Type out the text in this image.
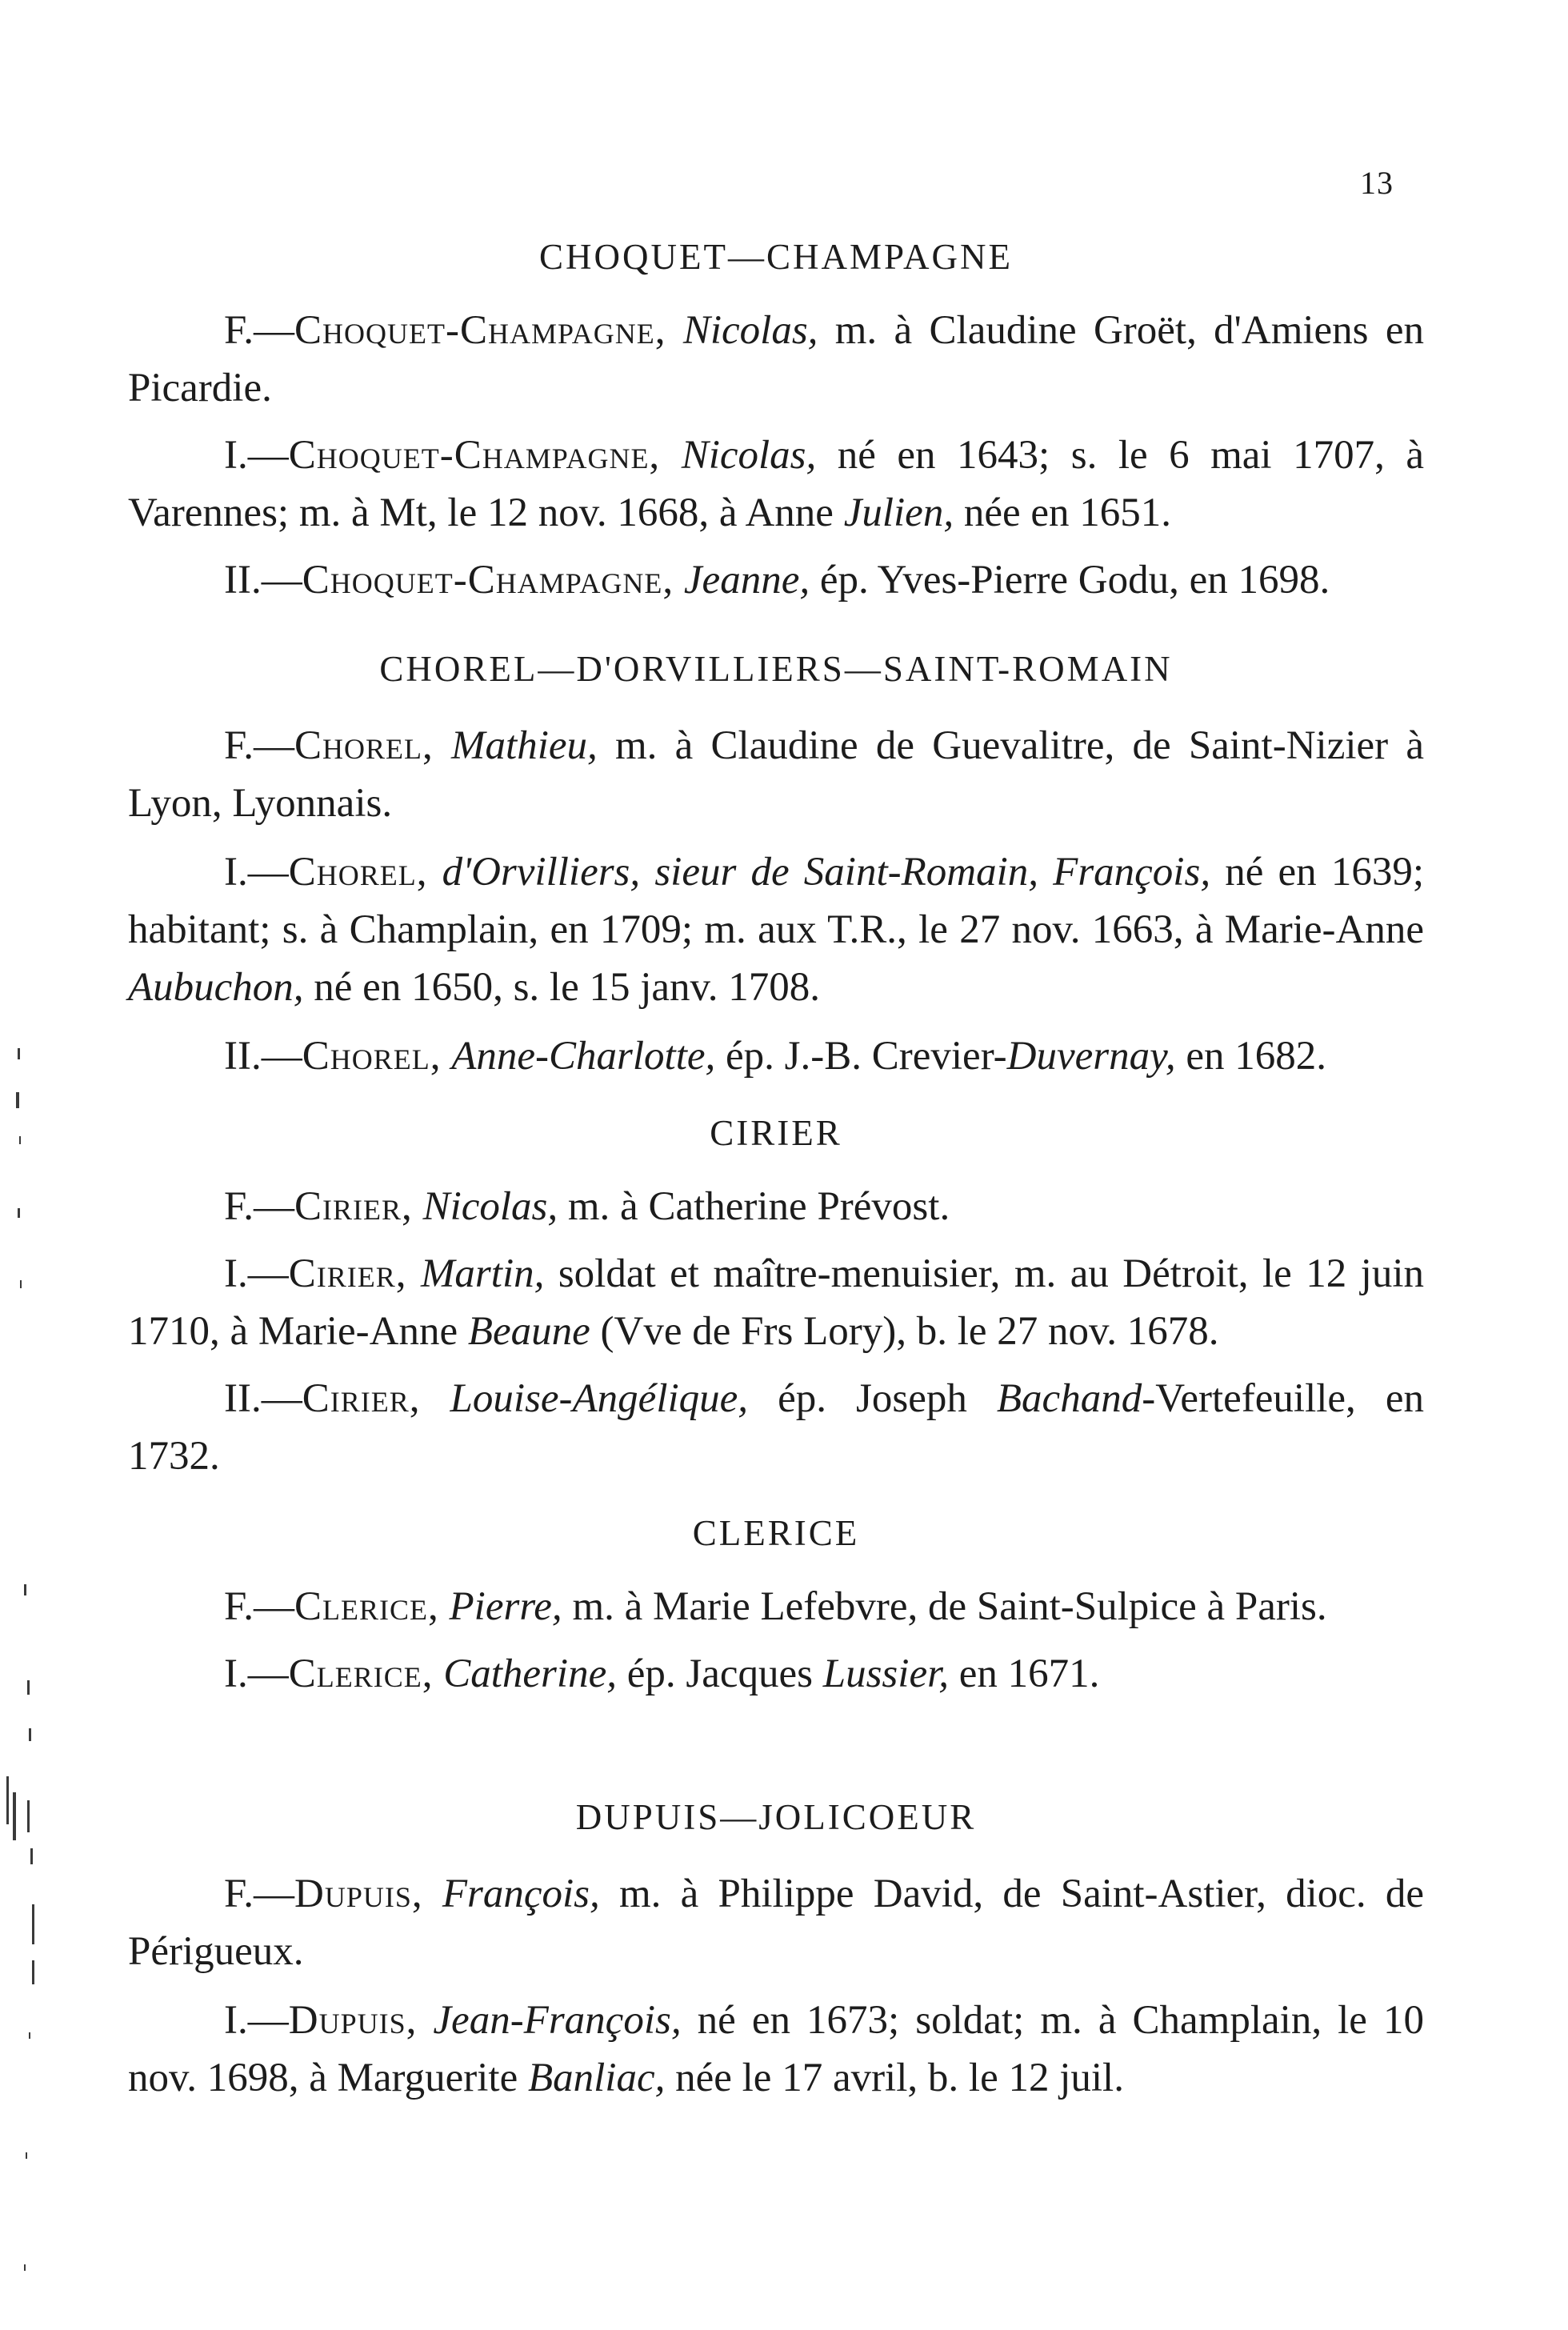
13

CHOQUET—CHAMPAGNE

F.—Choquet-Champagne, Nicolas, m. à Claudine Groët, d'Amiens en Picardie.

I.—Choquet-Champagne, Nicolas, né en 1643; s. le 6 mai 1707, à Varennes; m. à Mt, le 12 nov. 1668, à Anne Julien, née en 1651.

II.—Choquet-Champagne, Jeanne, ép. Yves-Pierre Godu, en 1698.

CHOREL—D'ORVILLIERS—SAINT-ROMAIN

F.—Chorel, Mathieu, m. à Claudine de Guevalitre, de Saint-Nizier à Lyon, Lyonnais.

I.—Chorel, d'Orvilliers, sieur de Saint-Romain, François, né en 1639; habitant; s. à Champlain, en 1709; m. aux T.R., le 27 nov. 1663, à Marie-Anne Aubuchon, né en 1650, s. le 15 janv. 1708.

II.—Chorel, Anne-Charlotte, ép. J.-B. Crevier-Duvernay, en 1682.

CIRIER

F.—Cirier, Nicolas, m. à Catherine Prévost.

I.—Cirier, Martin, soldat et maître-menuisier, m. au Détroit, le 12 juin 1710, à Marie-Anne Beaune (Vve de Frs Lory), b. le 27 nov. 1678.

II.—Cirier, Louise-Angélique, ép. Joseph Bachand-Vertefeuille, en 1732.

CLERICE

F.—Clerice, Pierre, m. à Marie Lefebvre, de Saint-Sulpice à Paris.

I.—Clerice, Catherine, ép. Jacques Lussier, en 1671.

DUPUIS—JOLICOEUR

F.—Dupuis, François, m. à Philippe David, de Saint-Astier, dioc. de Périgueux.

I.—Dupuis, Jean-François, né en 1673; soldat; m. à Champlain, le 10 nov. 1698, à Marguerite Banliac, née le 17 avril, b. le 12 juil.
